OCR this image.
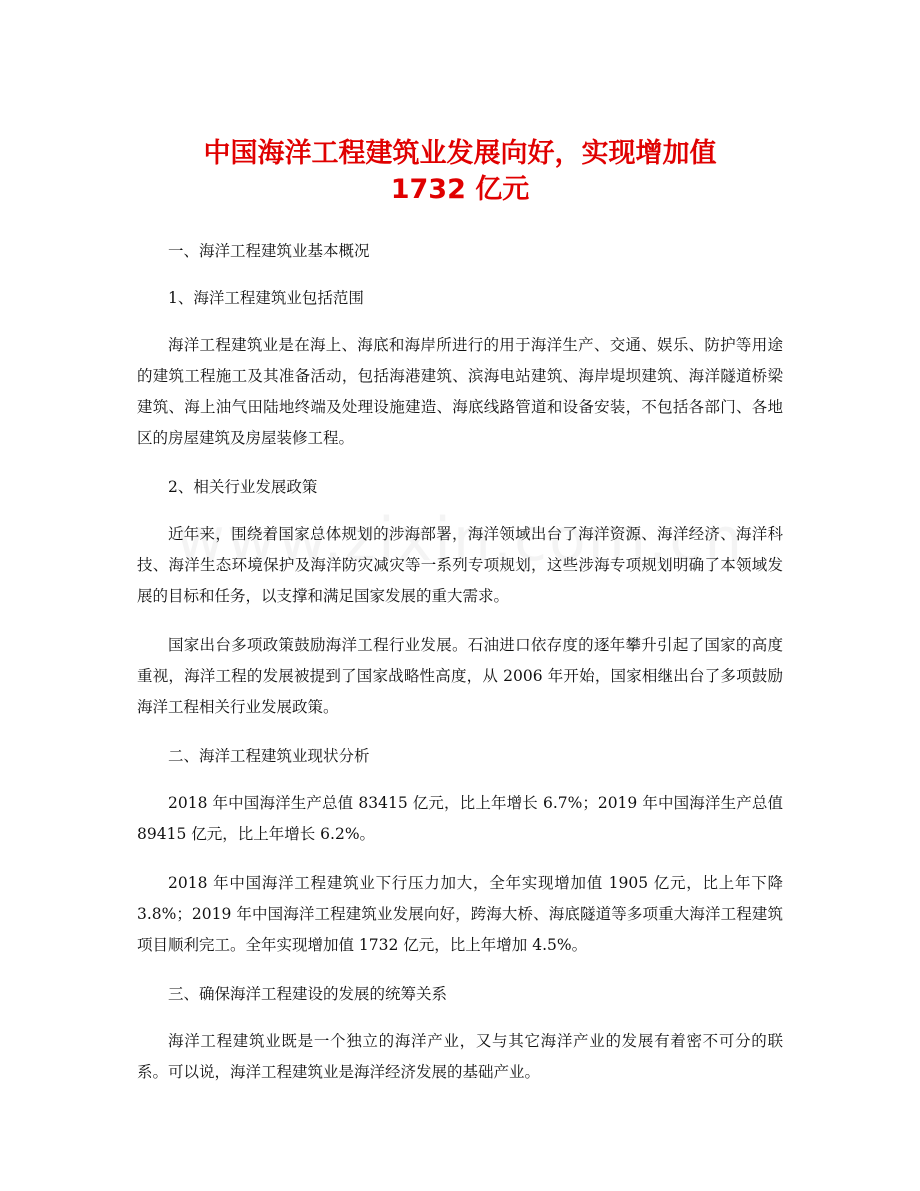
中国海洋工程建筑业发展向好，实现增加值
1732 亿元

一、海洋工程建筑业基本概况

1、海洋工程建筑业包括范围

海洋工程建筑业是在海上、海底和海岸所进行的用于海洋生产、交通、娱乐、防护等用途的建筑工程施工及其准备活动，包括海港建筑、滨海电站建筑、海岸堤坝建筑、海洋隧道桥梁建筑、海上油气田陆地终端及处理设施建造、海底线路管道和设备安装，不包括各部门、各地区的房屋建筑及房屋装修工程。

2、相关行业发展政策

近年来，围绕着国家总体规划的涉海部署，海洋领域出台了海洋资源、海洋经济、海洋科技、海洋生态环境保护及海洋防灾减灾等一系列专项规划，这些涉海专项规划明确了本领域发展的目标和任务，以支撑和满足国家发展的重大需求。

国家出台多项政策鼓励海洋工程行业发展。石油进口依存度的逐年攀升引起了国家的高度重视，海洋工程的发展被提到了国家战略性高度，从 2006 年开始，国家相继出台了多项鼓励海洋工程相关行业发展政策。

二、海洋工程建筑业现状分析

2018 年中国海洋生产总值 83415 亿元，比上年增长 6.7%；2019 年中国海洋生产总值 89415 亿元，比上年增长 6.2%。

2018 年中国海洋工程建筑业下行压力加大，全年实现增加值 1905 亿元，比上年下降 3.8%；2019 年中国海洋工程建筑业发展向好，跨海大桥、海底隧道等多项重大海洋工程建筑项目顺利完工。全年实现增加值 1732 亿元，比上年增加 4.5%。

三、确保海洋工程建设的发展的统筹关系

海洋工程建筑业既是一个独立的海洋产业，又与其它海洋产业的发展有着密不可分的联系。可以说，海洋工程建筑业是海洋经济发展的基础产业。
